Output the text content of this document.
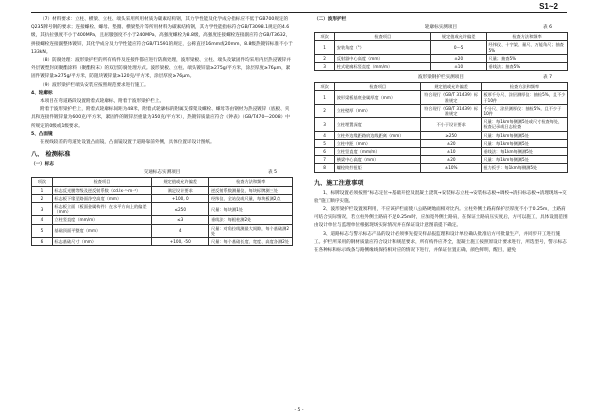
S1~2

（7）材料要求：立柱、横梁、立柱、端头采用所用材质为碳素结构钢，其力学性能及化学成分指标应不低于GB700规定的Q235牌号钢的要求；连接螺栓、螺母、垫圈、横梁垫片等所用材料为碳素结构钢，其力学性能指标符合GB/T3098.1规定的4.6级，其抗拉强度不小于400MPa，且屈服强度不小于240MPa，高强度螺栓为8.8级，高强度连接螺栓连接副应符合GB/T3632，拼接螺栓连接副整体镀锌，其化学成分及力学性能应符合GB/T1591的规定，公称直径16mm或20mm，8.8级热镀锌标准不小于133kN。

（8）防腐处理：波形梁护栏的所有构件及连接件都应进行防腐处理，波形梁板、立柱、端头及紧固件均采用内层热浸镀锌并外层镀塑封闭聚酯涂料（聚酯粉末）的双层防腐处理方式。波形梁板、立柱、端头镀锌量≥275g/平方米，涂层厚度≥76μm，紧固件镀锌量≥275g/平方米，防阻块镀锌量≥120克/平方米，涂层厚度≥76μm。

（9）波形梁护栏端头安装应按照规范要求进行施工。

4、轮廓标

本项目在弯道路段设置附着式轮廓标，附着于波形梁护栏上。

附着于波形梁护栏上，附着式轮廓标间距为48米，附着式轮廓标的附属支撑架及螺栓、螺母等由钢材为热浸镀锌（底板、夹具和连接件镀锌量为600克/平方米，紧固件的镀锌层重量为350克/平方米），热镀锌质量应符合《钟表》（GB/T470—2008）中所规定的0级或1级要求。

5、凸面镜

在视线较差的弯道处设置凸面镜，凸面镜设置于道路靠前外侧，具体位置详设计图纸。

八、 检测标准

（一）标志

交通标志实测项目	表 5
项次	检查项目	规定值或允许偏差	检查方法和频率
1	标志反光膜等级及逆反射系数（cd.lx⁻¹·m⁻²）	满足设计要求	逆反射系数测量仪，每块标牌测三处
2	标志板下缘至路面净空高度（mm）	+100, 0	经纬仪、全站仪或尺量，每块板测2点
3	标志板立面（板面金属构件）在水平方向上的偏差（mm）	≤250	尺量：每块测1处
4	立柱竖直度（mm/m）	≤3	垂线法：每根柱测2处
5	基础顶面平整度（mm）	4	尺量：对角拉线测最大间隙，每个基础测2处
6	标志基础尺寸（mm）	+100, -50	尺量：每个基础长度、宽度、高度各测2处

（二）波形护栏

轮廓标实测项目	表 6
项次	检查项目	规定值或允许偏差	检查方法和频率
1	安装角度（°）	0～5	经纬仪、十字架、量尺、万能角尺；抽查5%
2	反射器中心高度（mm）	±20	尺量；抽查5%
3	柱式轮廓标竖直度（mm/m）	±10	垂线法；抽查5%
波形梁钢护栏实测项目	表 7
项次	检查项目	规定值或允许偏差	检查方法和频率
1	波形梁板基底金属厚度（mm）	符合现行《GB/T 31439》标准规定	板厚千分尺、涂层测厚仪：抽检5%，且不少于10件
2	立柱壁厚（mm）	符合现行《GB/T 31439》标准规定	千分尺、涂层测厚仪：抽检5%，且不少于10件
3	立柱埋置深度	不小于设计要求	尺量：每1km每侧测5处或尺寸检查每处，检查记录或日志检查
4	立柱外边缘距路肩边线距离（mm）	≥250	尺量：每1km每侧测5处
5	立柱中距（mm）	±20	尺量：每1km每侧测5处
6	立柱竖直度（mm/m）	±10	垂线法：每1km每侧测5处
7	横梁中心高度（mm）	±20	尺量：每1km每侧测5处
8	螺栓终拧扭矩	±10%	扭力扳手：每1km每侧测5处

九、施工注意事项

1、标牌设置必须按照“标志定位→基础开挖及混凝土浇筑→安装标志立柱→安装标志板→调校→清扫标志板→清理现场→交验”施工顺序实施。

2、波形梁护栏设置须利用，不应该护栏面使八公路硬地面相对比内。立柱外侧土路肩保护层厚度不小于0.25m，土路肩可结合实际情况，若立柱外侧土路肩不足0.25m时，应加宽外侧土路肩，在保证土路肩压实度后，方可以施工，具体设置范围由设计单位与监理单位根据现场实际情况并在保证设计意图前提下确定。

3、道路标志与警示标志产品的设计必须事先提交样品报监理和设计单位确认批准后方可批量生产，并同步开工进行施工。护栏所采用的钢材质量应符合设计和规范要求，所有构件应齐全，混凝土施工按照原设计要求进行，所选型号，警示标志在各种标和标示线条与路侧缘线保持相对应的情况下进行，并保证位置正确，颜色鲜明，醒目，避免

- 5 -
